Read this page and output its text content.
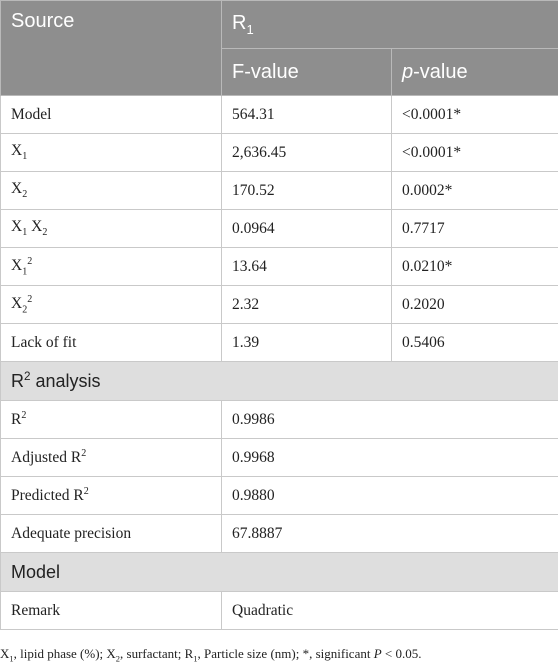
Source	$R_1$
	F-value	p-value
Model	564.31	<0.0001*
$X_1$	2,636.45	<0.0001*
$X_2$	170.52	0.0002*
$X_1$ $X_2$	0.0964	0.7717
$X_1^2$	13.64	0.0210*
$X_2^2$	2.32	0.2020
Lack of fit	1.39	0.5406
$R^2$ analysis		
$R^2$	0.9986	
Adjusted $R^2$	0.9968	
Predicted $R^2$	0.9880	
Adequate precision	67.8887	
Model		
Remark	Quadratic	
$X_1$, lipid phase (%); $X_2$, surfactant; $R_1$, Particle size (nm); *, significant P < 0.05.
